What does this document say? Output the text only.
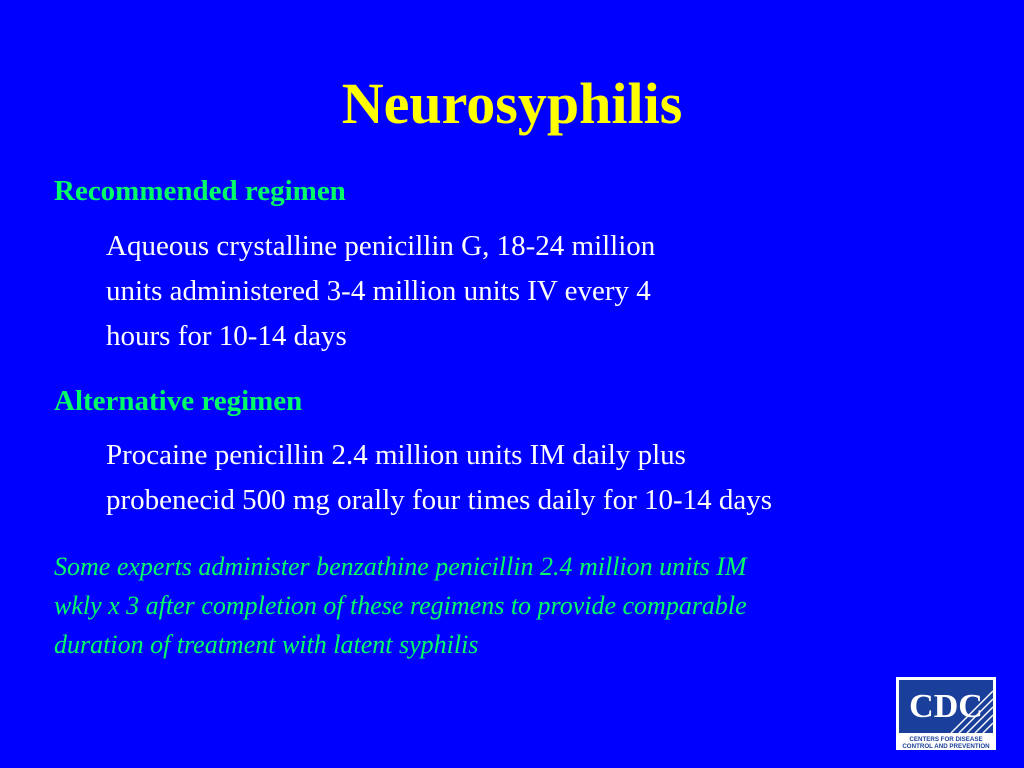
Neurosyphilis
Recommended regimen
Aqueous crystalline penicillin G, 18-24 million
units administered 3-4 million units IV every 4
hours for 10-14 days
Alternative regimen
Procaine penicillin 2.4 million units IM daily plus
probenecid 500 mg orally four times daily for 10-14 days
Some experts administer benzathine penicillin 2.4 million units IM
wkly x 3 after completion of these regimens to provide comparable
duration of treatment with latent syphilis
CDC
CENTERS FOR DISEASE
CONTROL AND PREVENTION
